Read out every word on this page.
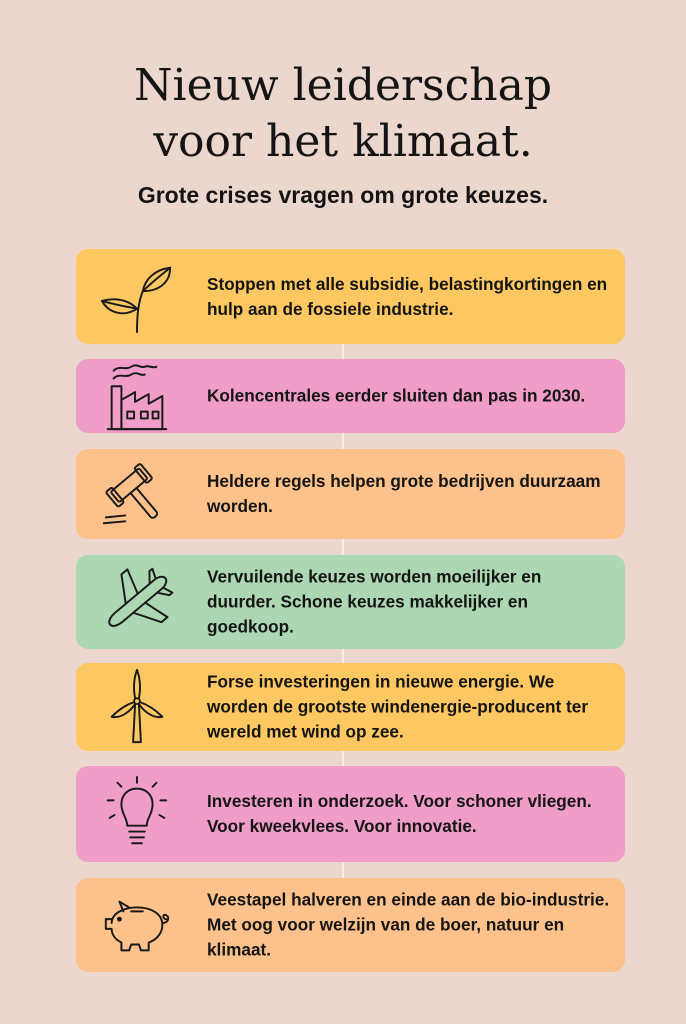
Nieuw leiderschap
voor het klimaat.
Grote crises vragen om grote keuzes.
Stoppen met alle subsidie, belastingkortingen en hulp aan de fossiele industrie.
Kolencentrales eerder sluiten dan pas in 2030.
Heldere regels helpen grote bedrijven duurzaam worden.
Vervuilende keuzes worden moeilijker en duurder. Schone keuzes makkelijker en goedkoop.
Forse investeringen in nieuwe energie. We worden de grootste windenergie-producent ter wereld met wind op zee.
Investeren in onderzoek. Voor schoner vliegen. Voor kweekvlees. Voor innovatie.
Veestapel halveren en einde aan de bio-industrie. Met oog voor welzijn van de boer, natuur en klimaat.
